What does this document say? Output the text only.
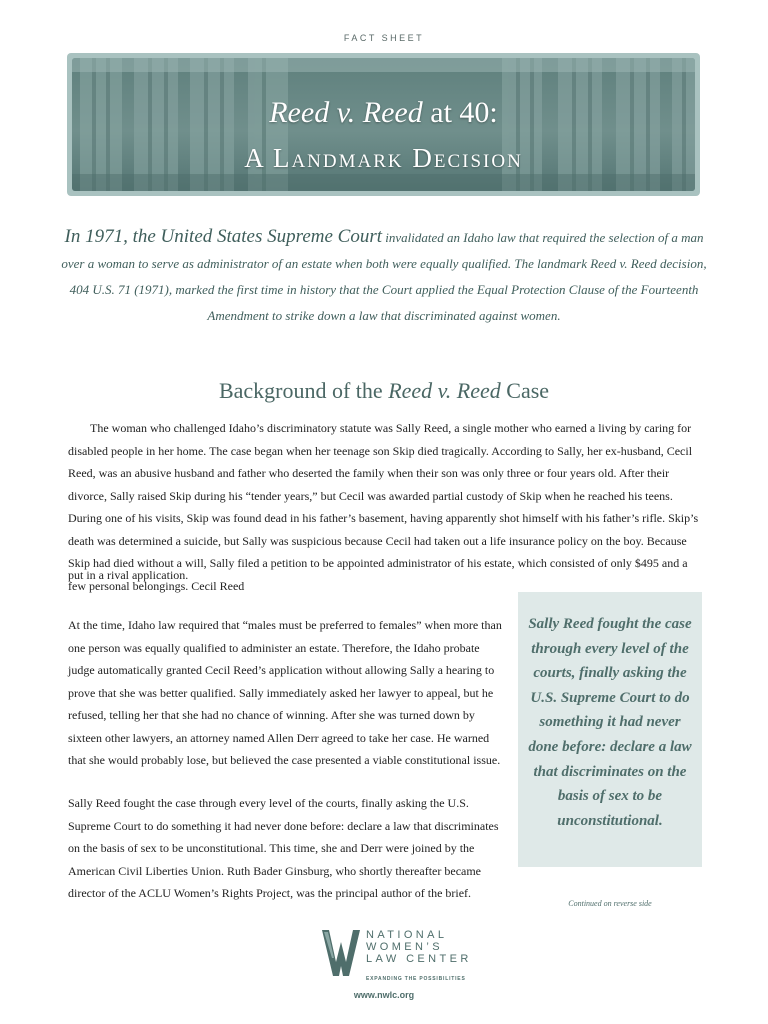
FACT SHEET
Reed v. Reed at 40:
A Landmark Decision
In 1971, the United States Supreme Court invalidated an Idaho law that required the selection of a man over a woman to serve as administrator of an estate when both were equally qualified. The landmark Reed v. Reed decision, 404 U.S. 71 (1971), marked the first time in history that the Court applied the Equal Protection Clause of the Fourteenth Amendment to strike down a law that discriminated against women.
Background of the Reed v. Reed Case
The woman who challenged Idaho’s discriminatory statute was Sally Reed, a single mother who earned a living by caring for disabled people in her home. The case began when her teenage son Skip died tragically. According to Sally, her ex-husband, Cecil Reed, was an abusive husband and father who deserted the family when their son was only three or four years old. After their divorce, Sally raised Skip during his “tender years,” but Cecil was awarded partial custody of Skip when he reached his teens. During one of his visits, Skip was found dead in his father’s basement, having apparently shot himself with his father’s rifle. Skip’s death was determined a suicide, but Sally was suspicious because Cecil had taken out a life insurance policy on the boy. Because Skip had died without a will, Sally filed a petition to be appointed administrator of his estate, which consisted of only $495 and a few personal belongings. Cecil Reed
put in a rival application.
At the time, Idaho law required that “males must be preferred to females” when more than one person was equally qualified to administer an estate. Therefore, the Idaho probate judge automatically granted Cecil Reed’s application without allowing Sally a hearing to prove that she was better qualified. Sally immediately asked her lawyer to appeal, but he refused, telling her that she had no chance of winning. After she was turned down by sixteen other lawyers, an attorney named Allen Derr agreed to take her case. He warned that she would probably lose, but believed the case presented a viable constitutional issue.
Sally Reed fought the case through every level of the courts, finally asking the U.S. Supreme Court to do something it had never done before: declare a law that discriminates on the basis of sex to be unconstitutional. This time, she and Derr were joined by the American Civil Liberties Union. Ruth Bader Ginsburg, who shortly thereafter became director of the ACLU Women’s Rights Project, was the principal author of the brief.
Sally Reed fought the case through every level of the courts, finally asking the U.S. Supreme Court to do something it had never done before: declare a law that discriminates on the basis of sex to be unconstitutional.
Continued on reverse side
NATIONAL
WOMEN’S
LAW CENTER
EXPANDING THE POSSIBILITIES
www.nwlc.org
